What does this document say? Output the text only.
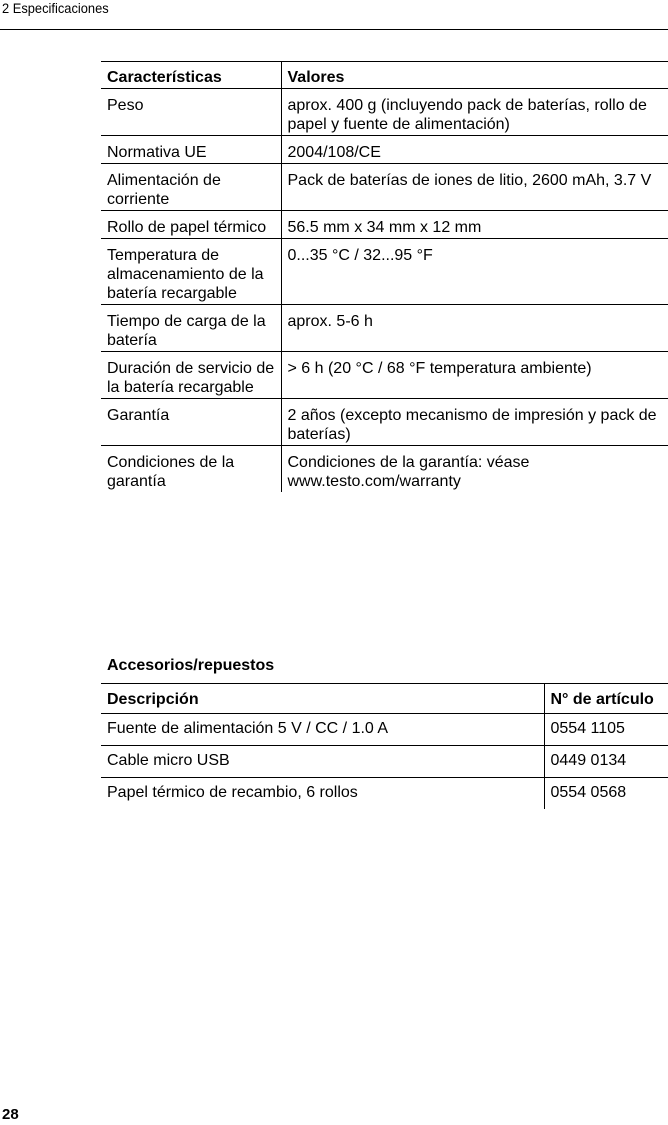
2 Especificaciones
Características	Valores
Peso	aprox. 400 g (incluyendo pack de baterías, rollo de papel y fuente de alimentación)
Normativa UE	2004/108/CE
Alimentación de corriente	Pack de baterías de iones de litio, 2600 mAh, 3.7 V
Rollo de papel térmico	56.5 mm x 34 mm x 12 mm
Temperatura de almacenamiento de la batería recargable	0...35 °C / 32...95 °F
Tiempo de carga de la batería	aprox. 5-6 h
Duración de servicio de la batería recargable	> 6 h (20 °C / 68 °F temperatura ambiente)
Garantía	2 años (excepto mecanismo de impresión y pack de baterías)
Condiciones de la garantía	Condiciones de la garantía: véase www.testo.com/warranty
Accesorios/repuestos
Descripción	N° de artículo
Fuente de alimentación 5 V / CC / 1.0 A	0554 1105
Cable micro USB	0449 0134
Papel térmico de recambio, 6 rollos	0554 0568
28
